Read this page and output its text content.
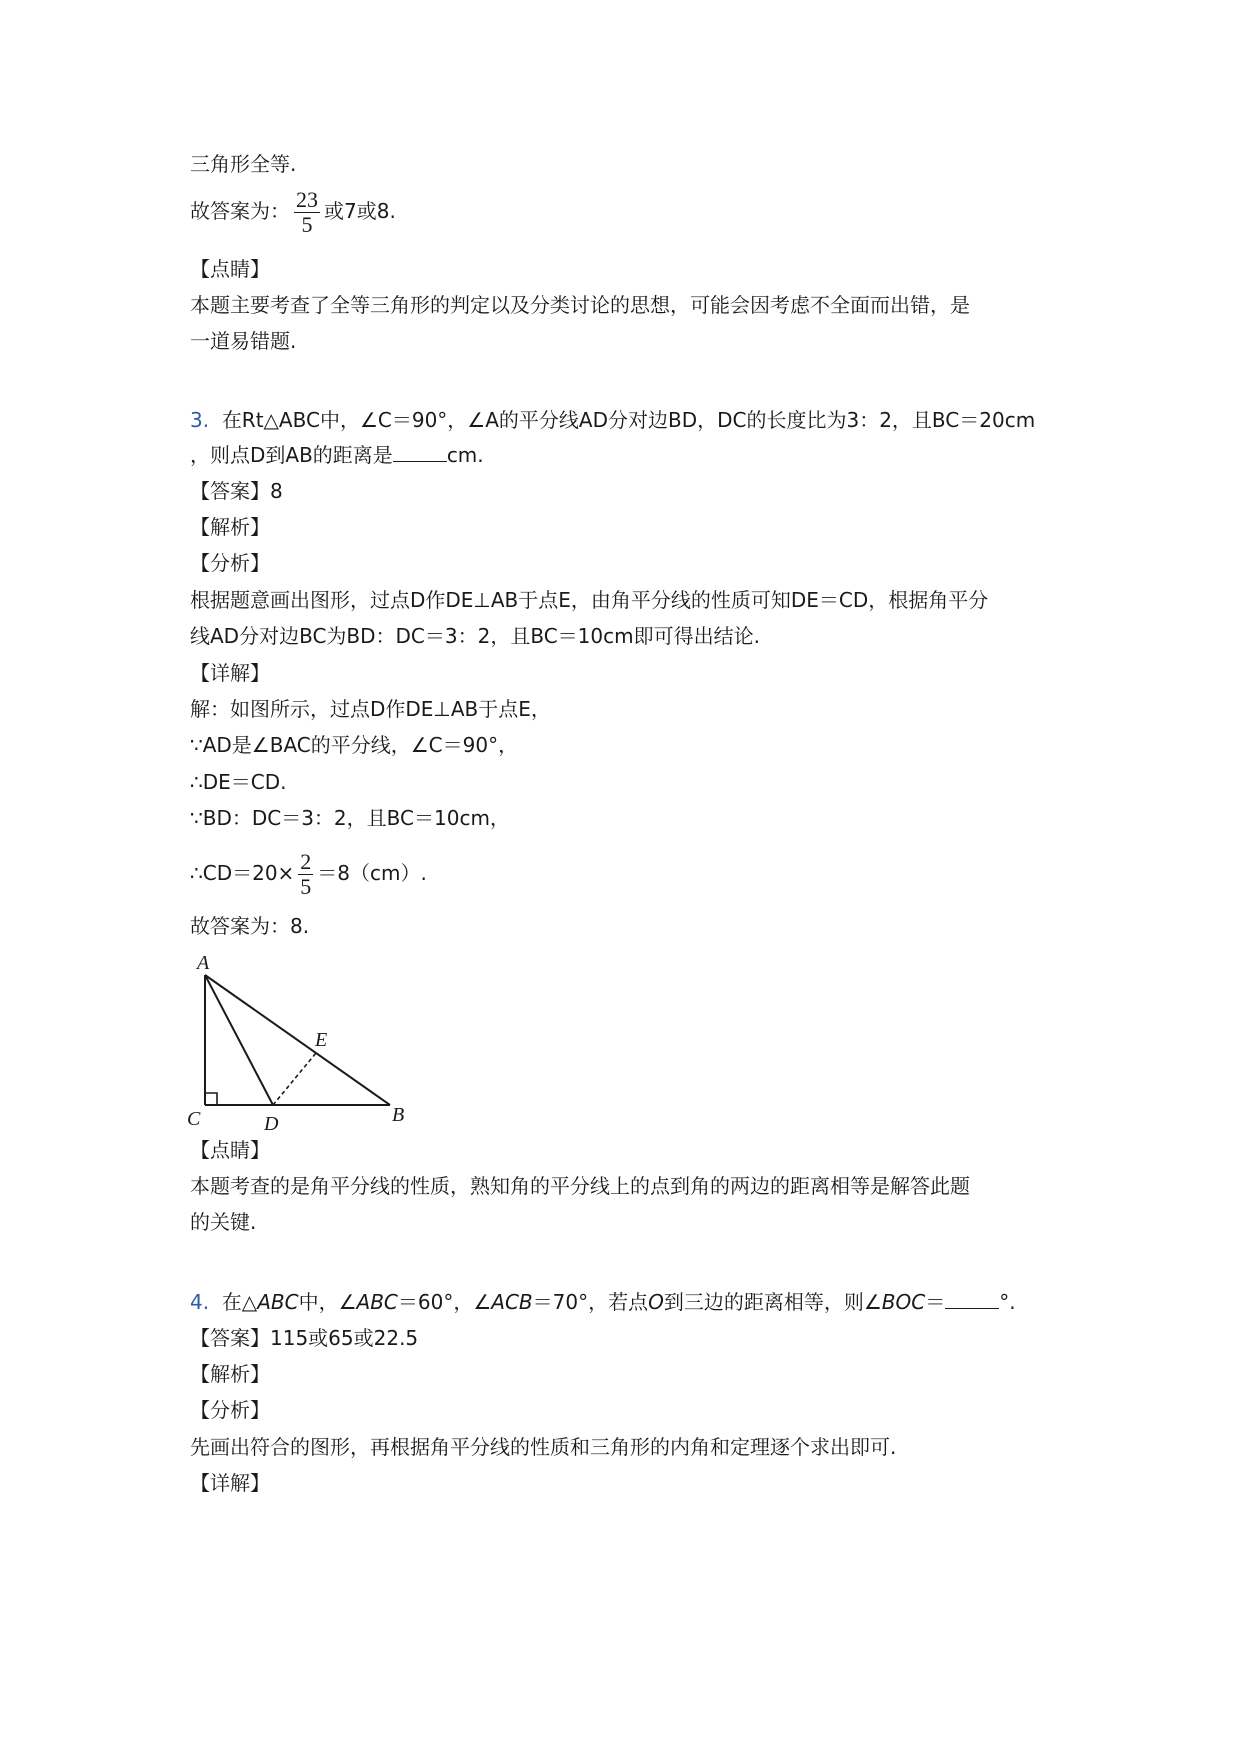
三角形全等.
故答案为： $\frac{23}{5}$ 或7或8.
【点睛】
本题主要考查了全等三角形的判定以及分类讨论的思想，可能会因考虑不全面而出错，是
一道易错题.
3. 在Rt△ABC中，∠C＝90°，∠A的平分线AD分对边BD，DC的长度比为3：2，且BC＝20cm
，则点D到AB的距离是	cm.
【答案】8
【解析】
【分析】
根据题意画出图形，过点D作DE⊥AB于点E，由角平分线的性质可知DE＝CD，根据角平分
线AD分对边BC为BD：DC＝3：2，且BC＝10cm即可得出结论.
【详解】
解：如图所示，过点D作DE⊥AB于点E，
∵AD是∠BAC的平分线，∠C＝90°，
∴DE＝CD.
∵BD：DC＝3：2，且BC＝10cm，
∴CD＝20× $\frac{2}{5} =8(cm)$.
故答案为：8.
A
E
C	D	B
【点睛】
本题考查的是角平分线的性质，熟知角的平分线上的点到角的两边的距离相等是解答此题
的关键.
4. 在△ABC中，∠ABC＝60°，∠ACB＝70°，若点O到三边的距离相等，则∠BOC＝	°.
【答案】115或65或22.5
【解析】
【分析】
先画出符合的图形，再根据角平分线的性质和三角形的内角和定理逐个求出即可.
【详解】
